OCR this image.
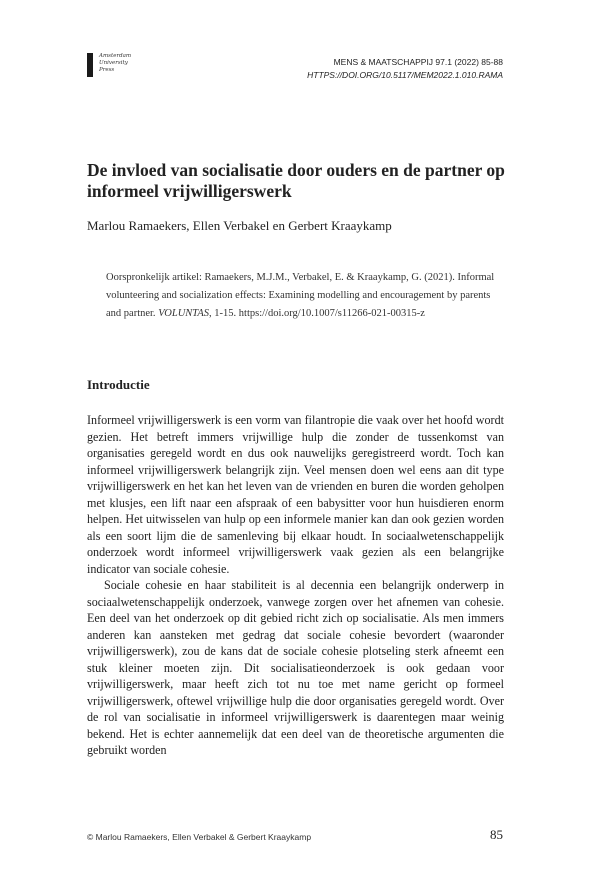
Amsterdam
University
Press
MENS & MAATSCHAPPIJ 97.1 (2022) 85-88
HTTPS://DOI.ORG/10.5117/MEM2022.1.010.RAMA
De invloed van socialisatie door ouders en de partner op informeel vrijwilligerswerk
Marlou Ramaekers, Ellen Verbakel en Gerbert Kraaykamp
Oorspronkelijk artikel: Ramaekers, M.J.M., Verbakel, E. & Kraaykamp, G. (2021). Informal volunteering and socialization effects: Examining modelling and encouragement by parents and partner. VOLUNTAS, 1-15. https://doi.org/10.1007/s11266-021-00315-z
Introductie

Informeel vrijwilligerswerk is een vorm van filantropie die vaak over het hoofd wordt gezien. Het betreft immers vrijwillige hulp die zonder de tussenkomst van organisaties geregeld wordt en dus ook nauwelijks geregistreerd wordt. Toch kan informeel vrijwilligerswerk belangrijk zijn. Veel mensen doen wel eens aan dit type vrijwilligerswerk en het kan het leven van de vrienden en buren die worden geholpen met klusjes, een lift naar een afspraak of een babysitter voor hun huisdieren enorm helpen. Het uitwisselen van hulp op een informele manier kan dan ook gezien worden als een soort lijm die de samenleving bij elkaar houdt. In sociaalwetenschappelijk onderzoek wordt informeel vrijwilligerswerk vaak gezien als een belangrijke indicator van sociale cohesie.

Sociale cohesie en haar stabiliteit is al decennia een belangrijk onderwerp in sociaalwetenschappelijk onderzoek, vanwege zorgen over het afnemen van cohesie. Een deel van het onderzoek op dit gebied richt zich op socialisatie. Als men immers anderen kan aansteken met gedrag dat sociale cohesie bevordert (waaronder vrijwilligerswerk), zou de kans dat de sociale cohesie plotseling sterk afneemt een stuk kleiner moeten zijn. Dit socialisatieonderzoek is ook gedaan voor vrijwilligerswerk, maar heeft zich tot nu toe met name gericht op formeel vrijwilligerswerk, oftewel vrijwillige hulp die door organisaties geregeld wordt. Over de rol van socialisatie in informeel vrijwilligerswerk is daarentegen maar weinig bekend. Het is echter aannemelijk dat een deel van de theoretische argumenten die gebruikt worden

© Marlou Ramaekers, Ellen Verbakel & Gerbert Kraaykamp	85
